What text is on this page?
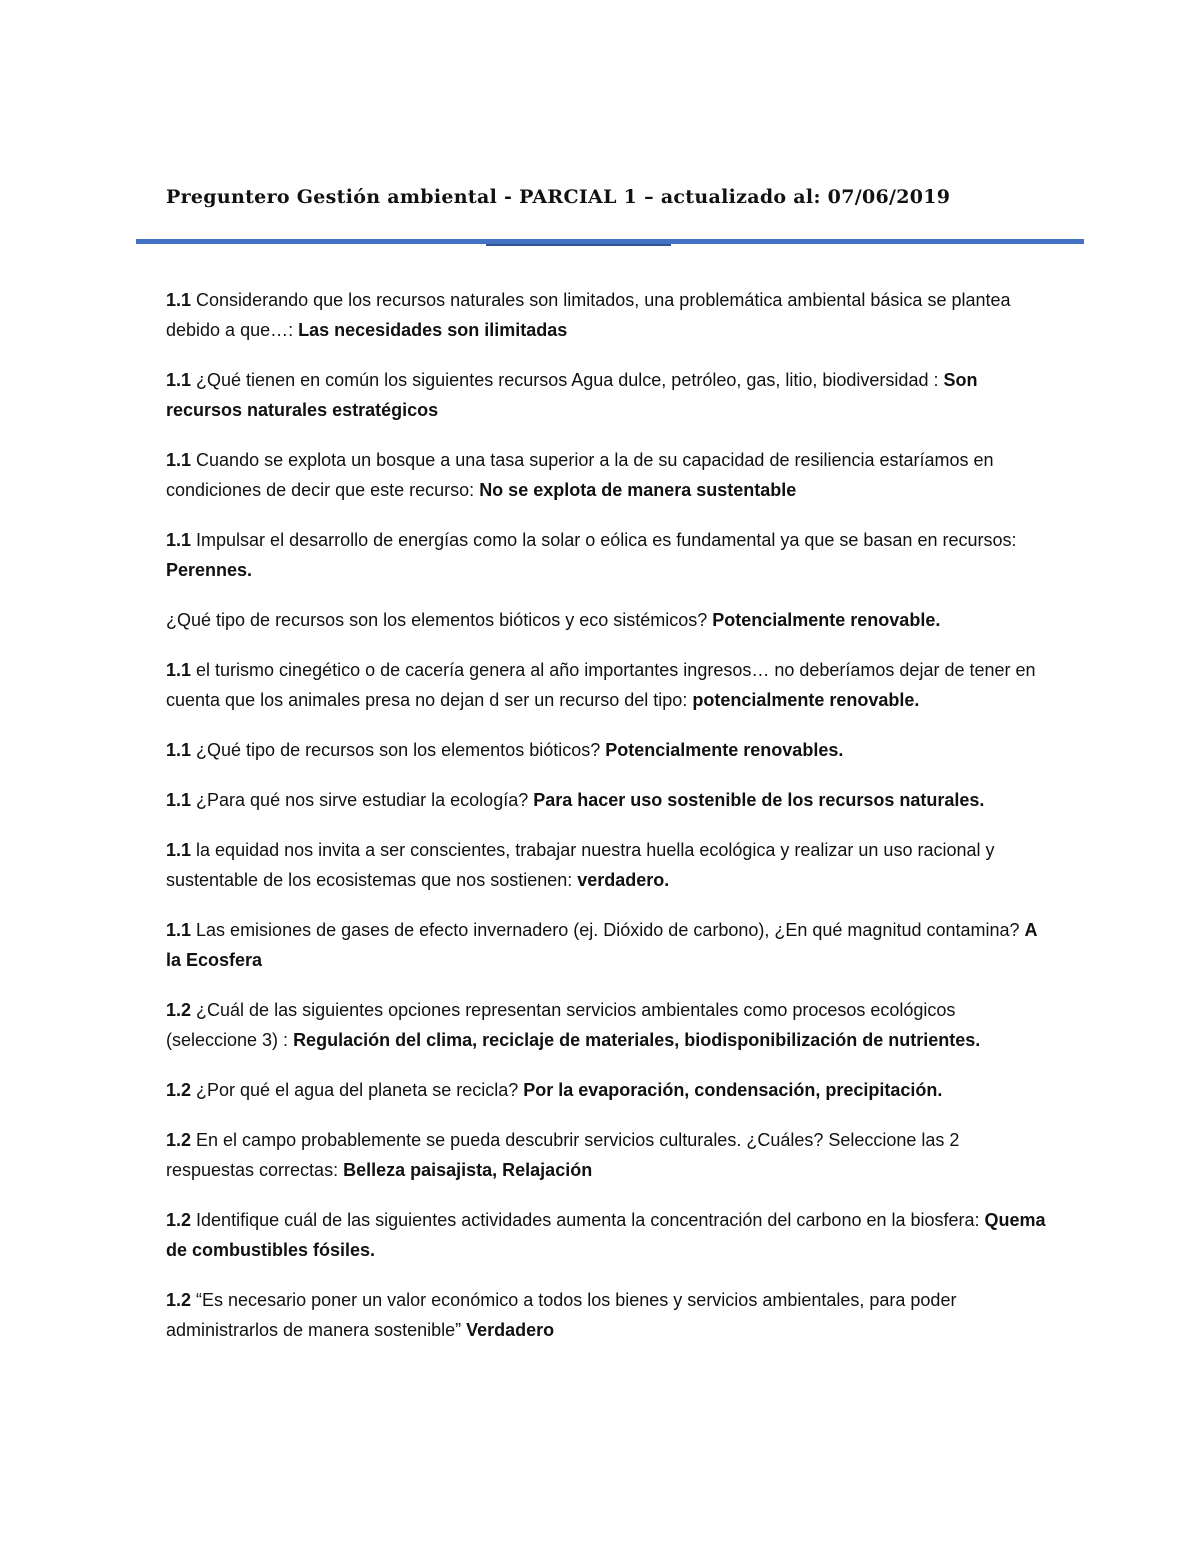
Preguntero Gestión ambiental - PARCIAL 1 – actualizado al: 07/06/2019
1.1 Considerando que los recursos naturales son limitados, una problemática ambiental básica se plantea debido a que…: Las necesidades son ilimitadas
1.1 ¿Qué tienen en común los siguientes recursos Agua dulce, petróleo, gas, litio, biodiversidad : Son recursos naturales estratégicos
1.1 Cuando se explota un bosque a una tasa superior a la de su capacidad de resiliencia estaríamos en condiciones de decir que este recurso: No se explota de manera sustentable
1.1 Impulsar el desarrollo de energías como la solar o eólica es fundamental ya que se basan en recursos: Perennes.
¿Qué tipo de recursos son los elementos bióticos y eco sistémicos? Potencialmente renovable.
1.1 el turismo cinegético o de cacería genera al año importantes ingresos… no deberíamos dejar de tener en cuenta que los animales presa no dejan d ser un recurso del tipo: potencialmente renovable.
1.1 ¿Qué tipo de recursos son los elementos bióticos? Potencialmente renovables.
1.1 ¿Para qué nos sirve estudiar la ecología? Para hacer uso sostenible de los recursos naturales.
1.1 la equidad nos invita a ser conscientes, trabajar nuestra huella ecológica y realizar un uso racional y sustentable de los ecosistemas que nos sostienen: verdadero.
1.1 Las emisiones de gases de efecto invernadero (ej. Dióxido de carbono), ¿En qué magnitud contamina? A la Ecosfera
1.2 ¿Cuál de las siguientes opciones representan servicios ambientales como procesos ecológicos (seleccione 3) : Regulación del clima, reciclaje de materiales, biodisponibilización de nutrientes.
1.2 ¿Por qué el agua del planeta se recicla? Por la evaporación, condensación, precipitación.
1.2 En el campo probablemente se pueda descubrir servicios culturales. ¿Cuáles? Seleccione las 2 respuestas correctas: Belleza paisajista, Relajación
1.2 Identifique cuál de las siguientes actividades aumenta la concentración del carbono en la biosfera: Quema de combustibles fósiles.
1.2 “Es necesario poner un valor económico a todos los bienes y servicios ambientales, para poder administrarlos de manera sostenible” Verdadero
